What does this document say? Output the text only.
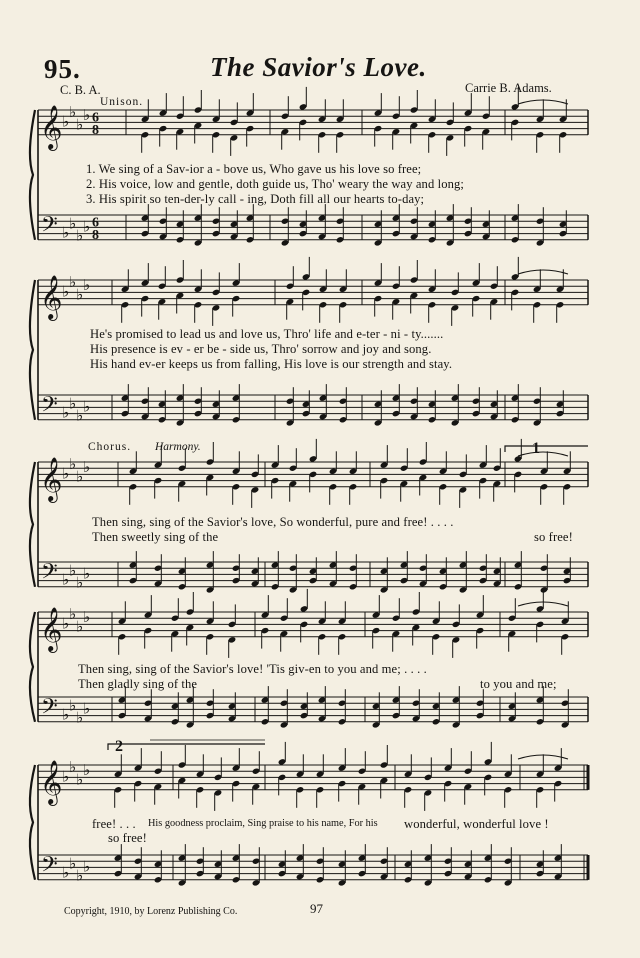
95.	The Savior's Love.
C. B. A.	Carrie B. Adams.
Unison.
𝄞
𝄢
♭
♭
♭
♭
♭
♭
♭
♭
6
8
6
8
𝄞
𝄢
♭
♭
♭
♭
♭
♭
♭
♭
𝄞
𝄢
♭
♭
♭
♭
♭
♭
♭
♭
𝄞
𝄢
♭
♭
♭
♭
♭
♭
♭
♭
𝄞
𝄢
♭
♭
♭
♭
♭
♭
♭
♭
1. We sing of a Sav-ior a - bove us, Who gave us his love so free;
2. His voice, low and gentle, doth guide us, Tho' weary the way and long;
3. His spirit so ten-der-ly call - ing, Doth fill all our hearts to-day;
He's promised to lead us and love us, Thro' life and e-ter - ni - ty.......
His presence is ev - er be - side us, Thro' sorrow and joy and song.
His hand ev-er keeps us from falling, His love is our strength and stay.
Chorus. Harmony.	1
Then sing, sing of the Savior's love, So wonderful, pure and free! . . . .
Then sweetly sing of the	so free!
Then sing, sing of the Savior's love! 'Tis giv-en to you and me; . . . .
Then gladly sing of the	to you and me;
2
free! . . . His goodness proclaim, Sing praise to his name, For his wonderful, wonderful love !
so free!
Copyright, 1910, by Lorenz Publishing Co.	97
